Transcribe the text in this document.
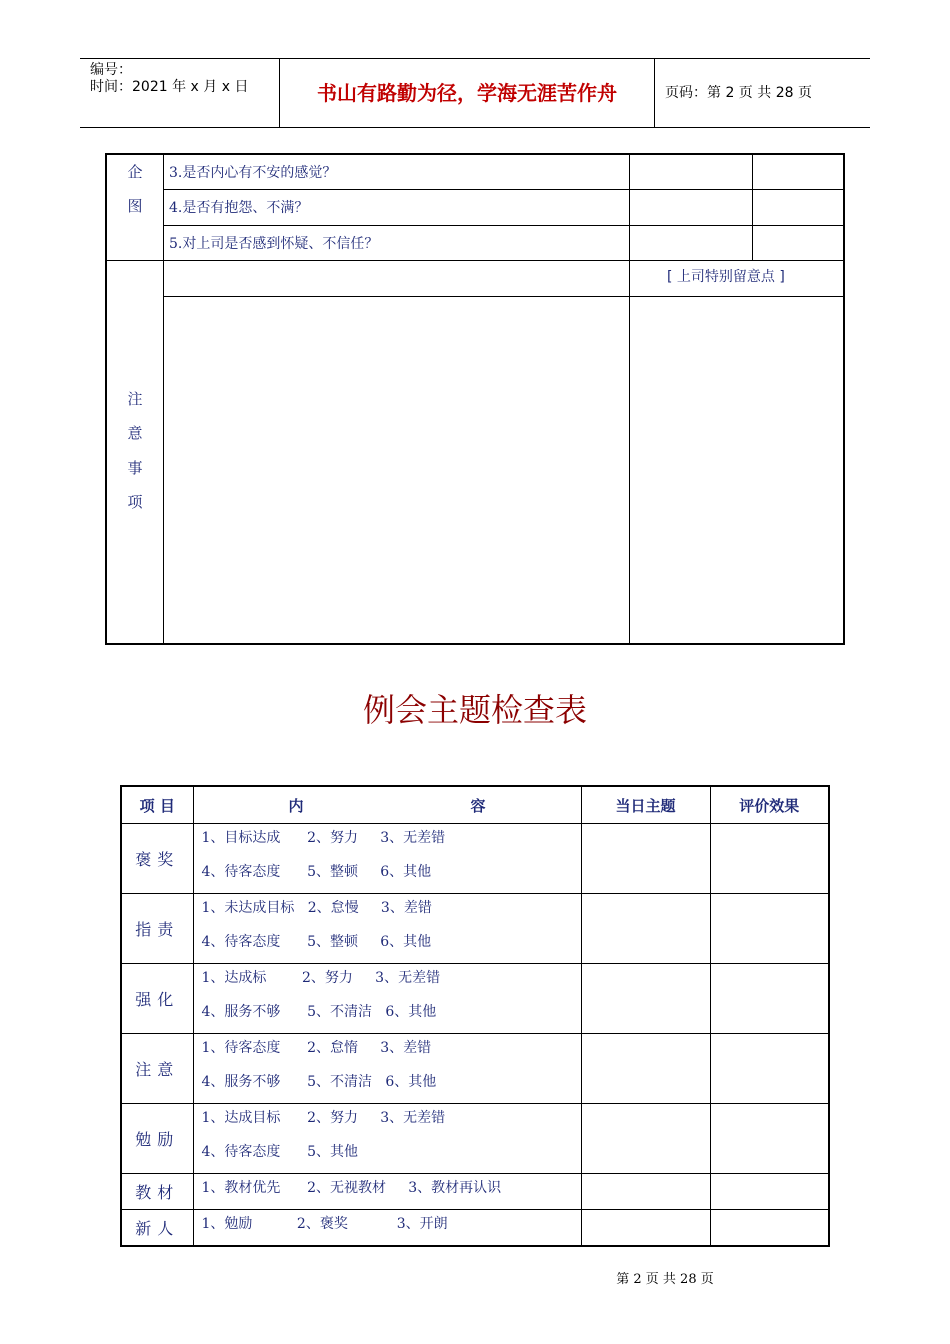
编号：
时间：2021 年 x 月 x 日	书山有路勤为径，学海无涯苦作舟	页码：第 2 页 共 28 页
企
图
3.是否内心有不安的感觉？
4.是否有抱怨、不满？
5.对上司是否感到怀疑、不信任？
注
意
事
项
[ 上司特别留意点 ]
例会主题检查表
项 目	内 容	当日主题	评价效果
褒奖	1、目标达成      2、努力     3、无差错
4、待客态度      5、整顿     6、其他		

指责	1、未达成目标   2、怠慢     3、差错
4、待客态度      5、整顿     6、其他		

强化	1、达成标        2、努力     3、无差错
4、服务不够      5、不清洁   6、其他		

注意	1、待客态度      2、怠惰     3、差错
4、服务不够      5、不清洁   6、其他		

勉励	1、达成目标      2、努力     3、无差错
4、待客态度      5、其他		

教材	1、教材优先      2、无视教材     3、教材再认识		

新人	1、勉励          2、褒奖           3、开朗		

第 2 页 共 28 页
